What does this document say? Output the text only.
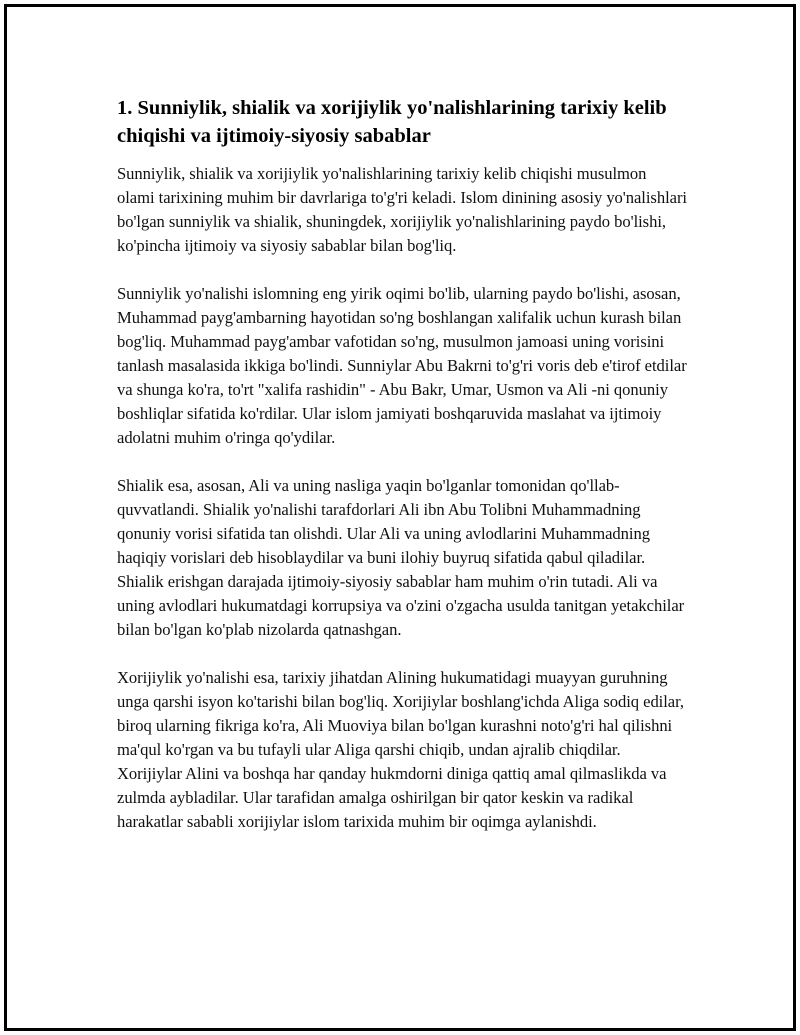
1. Sunniylik, shialik va xorijiylik yo'nalishlarining tarixiy kelib chiqishi va ijtimoiy-siyosiy sabablar

Sunniylik, shialik va xorijiylik yo'nalishlarining tarixiy kelib chiqishi musulmon olami tarixining muhim bir davrlariga to'g'ri keladi. Islom dinining asosiy yo'nalishlari bo'lgan sunniylik va shialik, shuningdek, xorijiylik yo'nalishlarining paydo bo'lishi, ko'pincha ijtimoiy va siyosiy sabablar bilan bog'liq.

Sunniylik yo'nalishi islomning eng yirik oqimi bo'lib, ularning paydo bo'lishi, asosan, Muhammad payg'ambarning hayotidan so'ng boshlangan xalifalik uchun kurash bilan bog'liq. Muhammad payg'ambar vafotidan so'ng, musulmon jamoasi uning vorisini tanlash masalasida ikkiga bo'lindi. Sunniylar Abu Bakrni to'g'ri voris deb e'tirof etdilar va shunga ko'ra, to'rt "xalifa rashidin" - Abu Bakr, Umar, Usmon va Ali -ni qonuniy boshliqlar sifatida ko'rdilar. Ular islom jamiyati boshqaruvida maslahat va ijtimoiy adolatni muhim o'ringa qo'ydilar.

Shialik esa, asosan, Ali va uning nasliga yaqin bo'lganlar tomonidan qo'llab-quvvatlandi. Shialik yo'nalishi tarafdorlari Ali ibn Abu Tolibni Muhammadning qonuniy vorisi sifatida tan olishdi. Ular Ali va uning avlodlarini Muhammadning haqiqiy vorislari deb hisoblaydilar va buni ilohiy buyruq sifatida qabul qiladilar. Shialik erishgan darajada ijtimoiy-siyosiy sabablar ham muhim o'rin tutadi. Ali va uning avlodlari hukumatdagi korrupsiya va o'zini o'zgacha usulda tanitgan yetakchilar bilan bo'lgan ko'plab nizolarda qatnashgan.

Xorijiylik yo'nalishi esa, tarixiy jihatdan Alining hukumatidagi muayyan guruhning unga qarshi isyon ko'tarishi bilan bog'liq. Xorijiylar boshlang'ichda Aliga sodiq edilar, biroq ularning fikriga ko'ra, Ali Muoviya bilan bo'lgan kurashni noto'g'ri hal qilishni ma'qul ko'rgan va bu tufayli ular Aliga qarshi chiqib, undan ajralib chiqdilar. Xorijiylar Alini va boshqa har qanday hukmdorni diniga qattiq amal qilmaslikda va zulmda aybladilar. Ular tarafidan amalga oshirilgan bir qator keskin va radikal harakatlar sababli xorijiylar islom tarixida muhim bir oqimga aylanishdi.
